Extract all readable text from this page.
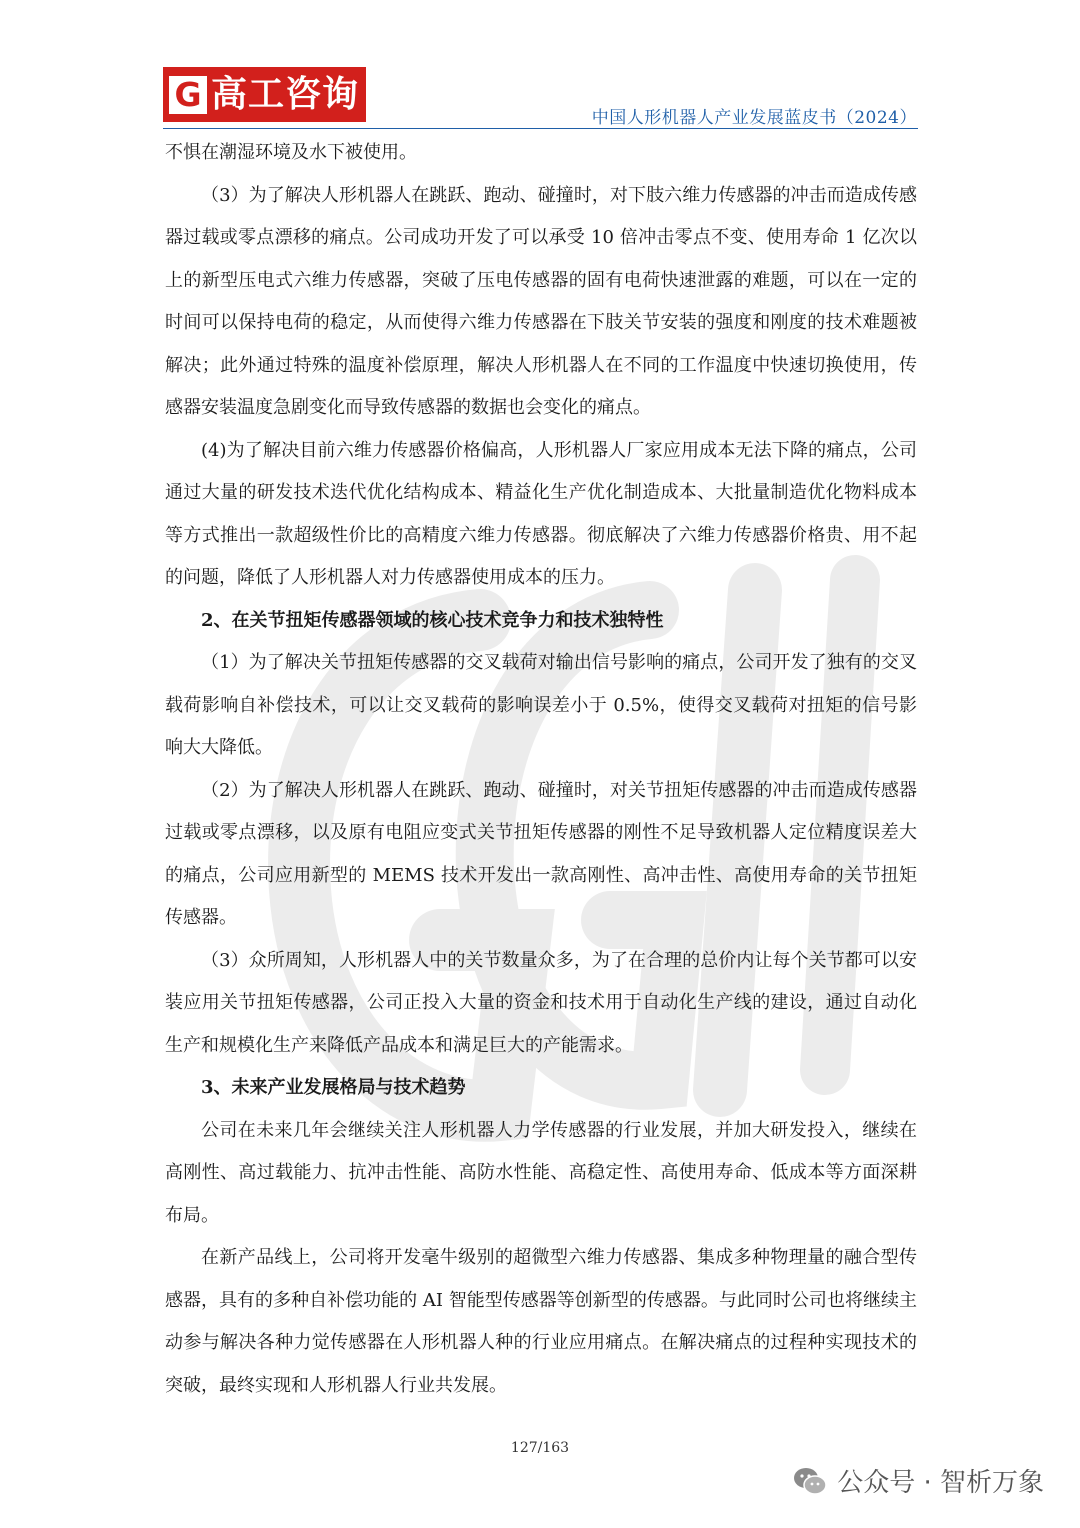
G 高工咨询
中国人形机器人产业发展蓝皮书（2024）

不惧在潮湿环境及水下被使用。

（3）为了解决人形机器人在跳跃、跑动、碰撞时，对下肢六维力传感器的冲击而造成传感器过载或零点漂移的痛点。公司成功开发了可以承受 10 倍冲击零点不变、使用寿命 1 亿次以上的新型压电式六维力传感器，突破了压电传感器的固有电荷快速泄露的难题，可以在一定的时间可以保持电荷的稳定，从而使得六维力传感器在下肢关节安装的强度和刚度的技术难题被解决；此外通过特殊的温度补偿原理，解决人形机器人在不同的工作温度中快速切换使用，传感器安装温度急剧变化而导致传感器的数据也会变化的痛点。

(4)为了解决目前六维力传感器价格偏高，人形机器人厂家应用成本无法下降的痛点，公司通过大量的研发技术迭代优化结构成本、精益化生产优化制造成本、大批量制造优化物料成本等方式推出一款超级性价比的高精度六维力传感器。彻底解决了六维力传感器价格贵、用不起的问题，降低了人形机器人对力传感器使用成本的压力。

2、在关节扭矩传感器领域的核心技术竞争力和技术独特性

（1）为了解决关节扭矩传感器的交叉载荷对输出信号影响的痛点，公司开发了独有的交叉载荷影响自补偿技术，可以让交叉载荷的影响误差小于 0.5%，使得交叉载荷对扭矩的信号影响大大降低。

（2）为了解决人形机器人在跳跃、跑动、碰撞时，对关节扭矩传感器的冲击而造成传感器过载或零点漂移，以及原有电阻应变式关节扭矩传感器的刚性不足导致机器人定位精度误差大的痛点，公司应用新型的 MEMS 技术开发出一款高刚性、高冲击性、高使用寿命的关节扭矩传感器。

（3）众所周知，人形机器人中的关节数量众多，为了在合理的总价内让每个关节都可以安装应用关节扭矩传感器，公司正投入大量的资金和技术用于自动化生产线的建设，通过自动化生产和规模化生产来降低产品成本和满足巨大的产能需求。

3、未来产业发展格局与技术趋势

公司在未来几年会继续关注人形机器人力学传感器的行业发展，并加大研发投入，继续在高刚性、高过载能力、抗冲击性能、高防水性能、高稳定性、高使用寿命、低成本等方面深耕布局。

在新产品线上，公司将开发毫牛级别的超微型六维力传感器、集成多种物理量的融合型传感器，具有的多种自补偿功能的 AI 智能型传感器等创新型的传感器。与此同时公司也将继续主动参与解决各种力觉传感器在人形机器人种的行业应用痛点。在解决痛点的过程种实现技术的突破，最终实现和人形机器人行业共发展。

127/163
公众号 · 智析万象
